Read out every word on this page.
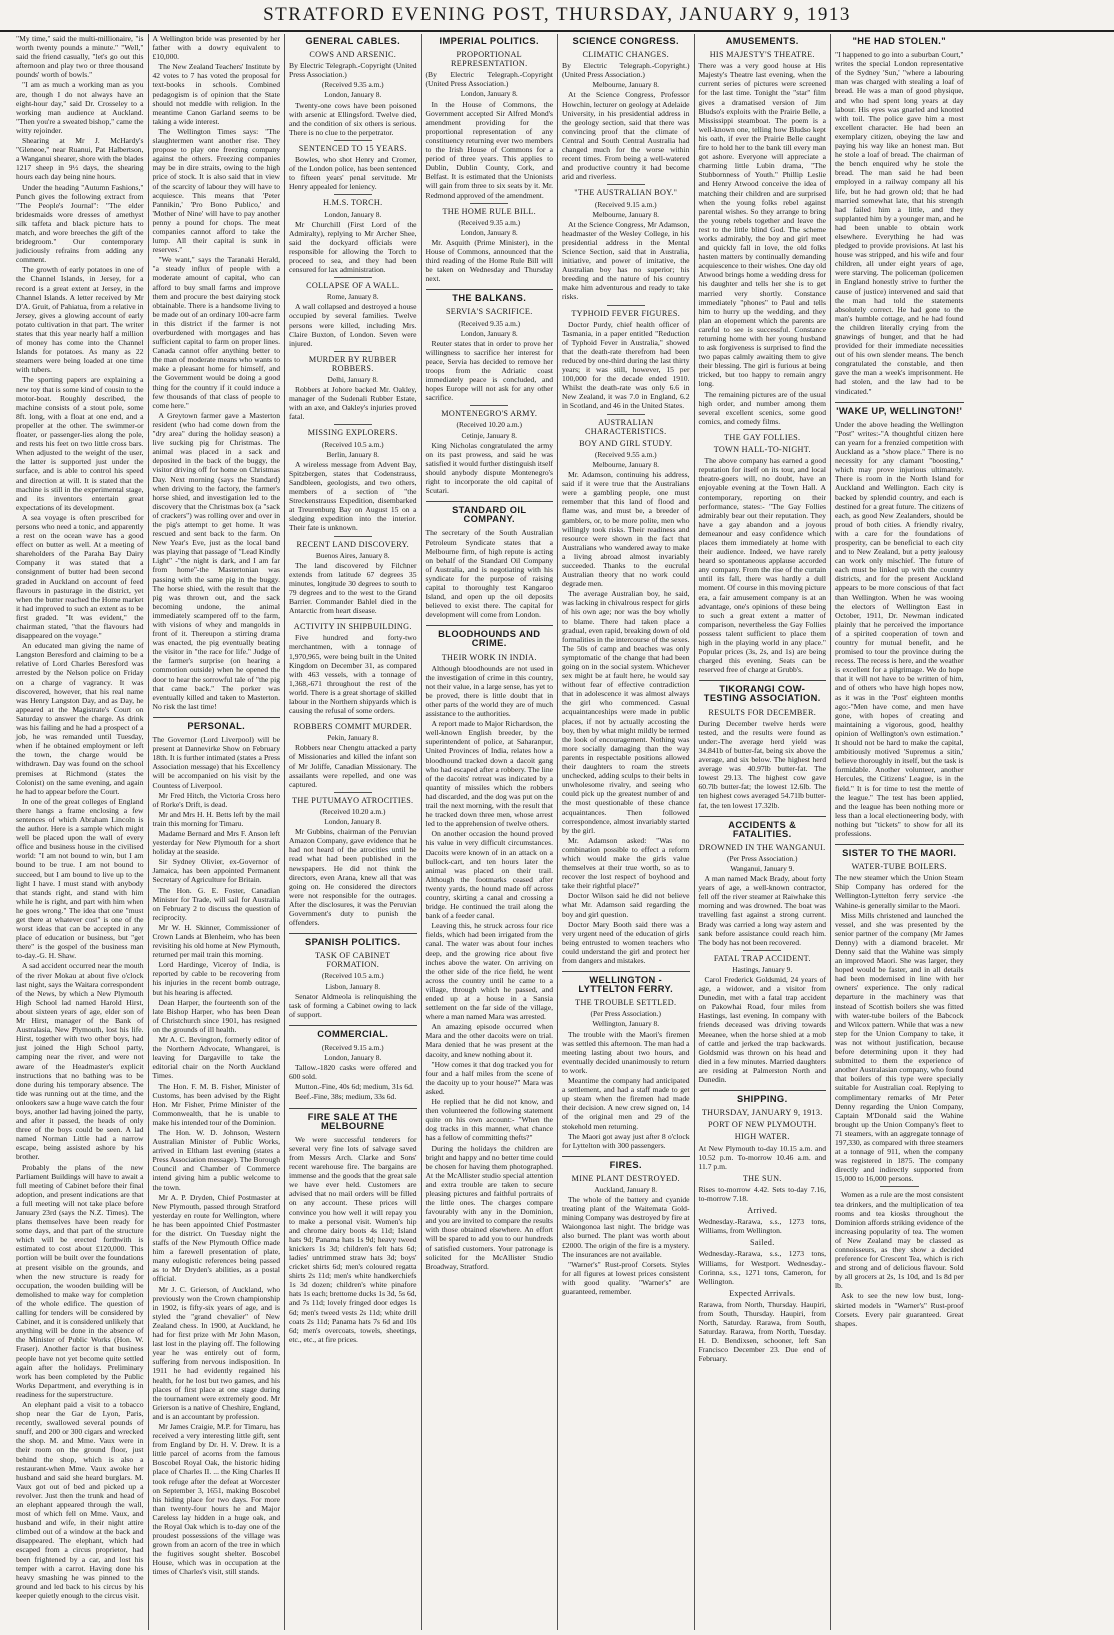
STRATFORD EVENING POST, THURSDAY, JANUARY 9, 1913

"My time," said the multi-millionaire, "is worth twenty pounds a minute." "Well," said the friend casually, "let's go out this afternoon and play two or three thousand pounds' worth of bowls."

"I am as much a working man as you are, though I do not always have an eight-hour day," said Dr. Crosseley to a working man audience at Auckland. "Then you're a sweated bishop," came the witty rejoinder.

Shearing at Mr J. McHardy's "Gleneoe," near Ruanui, Pat Halbertson, a Wanganui shearer, shore with the blades 1217 sheep in 9½ days, the shearing hours each day being nine hours.

Under the heading "Autumn Fashions," Punch gives the following extract from "The People's Journal": "The elder bridesmaids wore dresses of amethyst silk taffeta and black picture hats to match, and wore breeches the gift of the bridegroom." Our contemporary judiciously refrains from adding any comment.

The growth of early potatoes in one of the Channel Islands, in Jersey, for a record is a great extent at Jersey, in the Channel Islands. A letter received by Mr D'A. Gruit, of Pahiatua, from a relative in Jersey, gives a glowing account of early potato cultivation in that part. The writer states that this year nearly half a million of money has come into the Channel Islands for potatoes. As many as 22 steamers were being loaded at one time with tubers.

The sporting papers are explaining a new toy that is some kind of cousin to the motor-boat. Roughly described, the machine consists of a stout pole, some 8ft. long, with a float at one end, and a propeller at the other. The swimmer-or floater, or passenger-lies along the pole, and rests his feet on two little cross bars. When adjusted to the weight of the user, the latter is supported just under the surface, and is able to control his speed and direction at will. It is stated that the machine is still in the experimental stage, and its inventors entertain great expectations of its development.

A sea voyage is often prescribed for persons who need a tonic, and apparently a rest on the ocean wave has a good effect on butter as well. At a meeting of shareholders of the Paraha Bay Dairy Company it was stated that a consignment of butter had been second graded in Auckland on account of feed flavours in pasturage in the district, yet when the butter reached the Home market it had improved to such an extent as to be first graded. "It was evident," the chairman stated, "that the flavours had disappeared on the voyage."

An educated man giving the name of Langston Beresford and claiming to be a relative of Lord Charles Beresford was arrested by the Nelson police on Friday on a charge of vagrancy. It was discovered, however, that his real name was Henry Langston Day, and as Day, he appeared at the Magistrate's Court on Saturday to answer the charge. As drink was his failing and he had a prospect of a job, he was remanded until Tuesday, when if he obtained employment or left the town, the charge would be withdrawn. Day was found on the school premises at Richmond (states the Colonist) on the same evening, and again he had to appear before the Court.

In one of the great colleges of England there hangs a frame enclosing a few sentences of which Abraham Lincoln is the author. Here is a sample which might well be placed upon the wall of every office and business house in the civilised world: "I am not bound to win, but I am bound to be true. I am not bound to succeed, but I am bound to live up to the light I have. I must stand with anybody that stands right, and stand with him while he is right, and part with him when he goes wrong." The idea that one "must get there at whatever cost" is one of the worst ideas that can be accepted in any place of education or business, but "get there" is the gospel of the business man to-day.-G. H. Shaw.

A sad accident occurred near the mouth of the river Mokau at about five o'clock last night, says the Waitara correspondent of the News, by which a New Plymouth High School lad named Harold Hirst, about sixteen years of age, elder son of Mr Hirst, manager of the Bank of Australasia, New Plymouth, lost his life. Hirst, together with two other boys, had just joined the High School party, camping near the river, and were not aware of the Headmaster's explicit instructions that no bathing was to be done during his temporary absence. The tide was running out at the time, and the onlookers saw a huge wave catch the four boys, another lad having joined the party, and after it passed, the heads of only three of the boys could be seen. A lad named Norman Little had a narrow escape, being assisted ashore by his brother.

Probably the plans of the new Parliament Buildings will have to await a full meeting of Cabinet before their final adoption, and present indications are that a full meeting will not take place before January 23rd (says the N.Z. Times). The plans themselves have been ready for some days, and that part of the structure which will be erected forthwith is estimated to cost about £120,000. This portion will be built over the foundations at present visible on the grounds, and when the new structure is ready for occupation, the wooden building will be demolished to make way for completion of the whole edifice. The question of calling for tenders will be considered by Cabinet, and it is considered unlikely that anything will be done in the absence of the Minister of Public Works (Hon. W. Fraser). Another factor is that business people have not yet become quite settled again after the holidays. Preliminary work has been completed by the Public Works Department, and everything is in readiness for the superstructure.

An elephant paid a visit to a tobacco shop near the Gar de Lyon, Paris, recently, swallowed several pounds of snuff, and 200 or 300 cigars and wrecked the shop. M. and Mme. Vaux were in their room on the ground floor, just behind the shop, which is also a restaurant-when Mme. Vaux awoke her husband and said she heard burglars. M. Vaux got out of bed and picked up a revolver. Just then the trunk and head of an elephant appeared through the wall, most of which fell on Mme. Vaux, and husband and wife, in their night attire climbed out of a window at the back and disappeared. The elephant, which had escaped from a circus proprietor, had been frightened by a car, and lost his temper with a carrot. Having done his heavy smashing he was pinned to the ground and led back to his circus by his keeper quietly enough to the circus visit.

A Wellington bride was presented by her father with a dowry equivalent to £10,000.

The New Zealand Teachers' Institute by 42 votes to 7 has voted the proposal for text-books in schools. Combined pedagogism is of opinion that the State should not meddle with religion. In the meantime Canon Garland seems to be taking a wide interest.

The Wellington Times says: "The slaughtermen want another rise. They propose to play one freezing company against the others. Freezing companies may be in dire straits, owing to the high price of stock. It is also said that in view of the scarcity of labour they will have to acquiesce. This means that 'Peter Pannikin,' 'Pro Bono Publico,' and 'Mother of Nine' will have to pay another penny a pound for chops. The meat companies cannot afford to take the lump. All their capital is sunk in reserves."

"We want," says the Taranaki Herald, "a steady influx of people with a moderate amount of capital, who can afford to buy small farms and improve them and procure the best dairying stock obtainable. There is a handsome living to be made out of an ordinary 100-acre farm in this district if the farmer is not overburdened with mortgages and has sufficient capital to farm on proper lines. Canada cannot offer anything better to the man of moderate means who wants to make a pleasant home for himself, and the Government would be doing a good thing for the country if it could induce a few thousands of that class of people to come here."

A Greytown farmer gave a Masterton resident (who had come down from the "dry area" during the holiday season) a live sucking pig for Christmas. The animal was placed in a sack and deposited in the back of the buggy, the visitor driving off for home on Christmas Day. Next morning (says the Standard) when driving to the factory, the farmer's horse shied, and investigation led to the discovery that the Christmas box (a "sack of crackers") was rolling over and over in the pig's attempt to get home. It was rescued and sent back to the farm. On New Year's Eve, just as the local band was playing that passage of "Lead Kindly Light" -"the night is dark, and I am far from home"-the Mastertonian was passing with the same pig in the buggy. The horse shied, with the result that the pig was thrown out, and the sack becoming undone, the animal immediately scampered off to the farm, with visions of whey and mangolds in front of it. Thereupon a stirring drama was enacted, the pig eventually beating the visitor in "the race for life." Judge of the farmer's surprise (on hearing a commotion outside) when he opened the door to hear the sorrowful tale of "the pig that came back." The porker was eventually killed and taken to Masterton. No risk the last time!

PERSONAL.

The Governor (Lord Liverpool) will be present at Dannevirke Show on February 18th. It is further intimated (states a Press Association message) that his Excellency will be accompanied on his visit by the Countess of Liverpool.

Mr Fred Hitch, the Victoria Cross hero of Rorke's Drift, is dead.

Mr and Mrs H. H. Betts left by the mail train this morning for Timaru.

Madame Bernard and Mrs F. Anson left yesterday for New Plymouth for a short holiday at the seaside.

Sir Sydney Olivier, ex-Governor of Jamaica, has been appointed Permanent Secretary of Agriculture for Britain.

The Hon. G. E. Foster, Canadian Minister for Trade, will sail for Australia on February 2 to discuss the question of reciprocity.

Mr W. H. Skinner, Commissioner of Crown Lands at Blenheim, who has been revisiting his old home at New Plymouth, returned per mail train this morning.

Lord Hardinge, Viceroy of India, is reported by cable to be recovering from his injuries in the recent bomb outrage, but his hearing is affected.

Dean Harper, the fourteenth son of the late Bishop Harper, who has been Dean of Christchurch since 1901, has resigned on the grounds of ill health.

Mr A. C. Bevington, formerly editor of the Northern Advocate, Whangarei, is leaving for Dargaville to take the editorial chair on the North Auckland Times.

The Hon. F. M. B. Fisher, Minister of Customs, has been advised by the Right Hon. Mr Fisher, Prime Minister of the Commonwealth, that he is unable to make his intended tour of the Dominion.

The Hon. W. D. Johnson, Western Australian Minister of Public Works, arrived in Eltham last evening (states a Press Association message). The Borough Council and Chamber of Commerce intend giving him a public welcome to the town.

Mr A. P. Dryden, Chief Postmaster at New Plymouth, passed through Stratford yesterday en route for Wellington, where he has been appointed Chief Postmaster for the district. On Tuesday night the staffs of the New Plymouth Office made him a farewell presentation of plate, many eulogistic references being passed as to Mr Dryden's abilities, as a postal official.

Mr J. C. Grierson, of Auckland, who previously won the Crown championship in 1902, is fifty-six years of age, and is styled the "grand chevalier" of New Zealand chess. In 1900, at Auckland, he had for first prize with Mr John Mason, last lost in the playing off. The following year he was entirely out of form, suffering from nervous indisposition. In 1911 he had evidently regained his health, for he lost but two games, and his places of first place at one stage during the tournament were extremely good. Mr Grierson is a native of Cheshire, England, and is an accountant by profession.

Mr James Craigie, M.P. for Timaru, has received a very interesting little gift, sent from England by Dr. H. V. Drew. It is a little parcel of acorns from the famous Boscobel Royal Oak, the historic hiding place of Charles II. ... the King Charles II took refuge after the defeat at Worcester on September 3, 1651, making Boscobel his hiding place for two days. For more than twenty-four hours he and Major Careless lay hidden in a huge oak, and the Royal Oak which is to-day one of the proudest possessions of the village was grown from an acorn of the tree in which the fugitives sought shelter. Boscobel House, which was in occupation at the times of Charles's visit, still stands.

GENERAL CABLES.
COWS AND ARSENIC.

By Electric Telegraph.-Copyright (United Press Association.)

(Received 9.35 a.m.)
London, January 8.

Twenty-one cows have been poisoned with arsenic at Ellingsford. Twelve died, and the condition of six others is serious. There is no clue to the perpetrator.

SENTENCED TO 15 YEARS.

Bowles, who shot Henry and Cromer, of the London police, has been sentenced to fifteen years' penal servitude. Mr Henry appealed for leniency.

H.M.S. TORCH.
London, January 8.

Mr Churchill (First Lord of the Admiralty), replying to Mr Archer Shee, said the dockyard officials were responsible for allowing the Torch to proceed to sea, and they had been censured for lax administration.

COLLAPSE OF A WALL.
Rome, January 8.

A wall collapsed and destroyed a house occupied by several families. Twelve persons were killed, including Mrs. Claire Buxton, of London. Seven were injured.

MURDER BY RUBBER ROBBERS.
Delhi, January 8.

Robbers at Johore backed Mr. Oakley, manager of the Sudenali Rubber Estate, with an axe, and Oakley's injuries proved fatal.

MISSING EXPLORERS.
(Received 10.5 a.m.)
Berlin, January 8.

A wireless message from Advent Bay, Spitzbergen, states that Codenstrauss, Sandbleen, geologists, and two others, members of a section of "the Streckenstrauss Expedition, disembarked at Treurenburg Bay on August 15 on a sledging expedition into the interior. Their fate is unknown.

RECENT LAND DISCOVERY.
Buenos Aires, January 8.

The land discovered by Filchner extends from latitude 67 degrees 35 minutes, longitude 30 degrees to south to 79 degrees and to the west to the Grand Barrier. Commander Bahlel died in the Antarctic from heart disease.

ACTIVITY IN SHIPBUILDING.

Five hundred and forty-two merchantmen, with a tonnage of 1,970,965, were being built in the United Kingdom on December 31, as compared with 463 vessels, with a tonnage of 1,368,-671 throughout the rest of the world. There is a great shortage of skilled labour in the Northern shipyards which is causing the refusal of some orders.

ROBBERS COMMIT MURDER.
Pekin, January 8.

Robbers near Chengtu attacked a party of Missionaries and killed the infant son of Mr Joliffe, Canadian Missionary. The assailants were repelled, and one was captured.

THE PUTUMAYO ATROCITIES.
(Received 10.20 a.m.)
London, January 8.

Mr Gubbins, chairman of the Peruvian Amazon Company, gave evidence that he had not heard of the atrocities until he read what had been published in the newspapers. He did not think the directors, even Arana, knew all that was going on. He considered the directors were not responsible for the outrages. After the disclosures, it was the Peruvian Government's duty to punish the offenders.

SPANISH POLITICS.
TASK OF CABINET FORMATION.
(Received 10.5 a.m.)
Lisbon, January 8.

Senator Aldmeola is relinquishing the task of forming a Cabinet owing to lack of support.

COMMERCIAL.
(Received 9.15 a.m.)
London, January 8.

Tallow.-1820 casks were offered and 600 sold.

Mutton.-Fine, 40s 6d; medium, 31s 6d.

Beef.-Fine, 38s; medium, 33s 6d.

FIRE SALE AT THE MELBOURNE

We were successful tenderers for several very fine lots of salvage saved from Messrs Arch. Clarke and Sons' recent warehouse fire. The bargains are immense and the goods that the great sale we have ever held. Customers are advised that no mail orders will be filled on any account. These prices will convince you how well it will repay you to make a personal visit. Women's hip and chrome dairy boots 4s 11d; Island hats 9d; Panama hats 1s 9d; heavy tweed knickers 1s 3d; children's felt hats 6d; ladies' untrimmed straw hats 3d; boys' cricket shirts 6d; men's coloured regatta shirts 2s 11d; men's white handkerchiefs 1s 3d dozen; children's white pinafore hats 1s each; brettome ducks 1s 3d, 5s 6d, and 7s 11d; lovely fringed door edges 1s 6d; men's tweed vests 2s 11d; white drill coats 2s 11d; Panama hats 7s 6d and 10s 6d; men's overcoats, towels, sheetings, etc., etc., at fire prices.

IMPERIAL POLITICS.
PROPORTIONAL REPRESENTATION.

(By Electric Telegraph.-Copyright (United Press Association.)

London, January 8.

In the House of Commons, the Government accepted Sir Alfred Mond's amendment providing for the proportional representation of any constituency returning ever two members to the Irish House of Commons for a period of three years. This applies to Dublin, Dublin County, Cork, and Belfast. It is estimated that the Unionists will gain from three to six seats by it. Mr. Redmond approved of the amendment.

THE HOME RULE BILL.
(Received 9.35 a.m.)
London, January 8.

Mr. Asquith (Prime Minister), in the House of Commons, announced that the third reading of the Home Rule Bill will be taken on Wednesday and Thursday next.

THE BALKANS.
SERVIA'S SACRIFICE.
(Received 9.35 a.m.)
London, January 8.

Reuter states that in order to prove her willingness to sacrifice her interest for peace, Servia has decided to remove her troops from the Adriatic coast immediately peace is concluded, and hopes Europe will not ask for any other sacrifice.

MONTENEGRO'S ARMY.
(Received 10.20 a.m.)
Cetinje, January 8.

King Nicholas congratulated the army on its past prowess, and said he was satisfied it would further distinguish itself should anybody dispute Montenegro's right to incorporate the old capital of Scutari.

STANDARD OIL COMPANY.

The secretary of the South Australian Petroleum Syndicate states that a Melbourne firm, of high repute is acting on behalf of the Standard Oil Company of Australia, and is negotiating with his syndicate for the purpose of raising capital to thoroughly test Kangaroo Island, and open up the oil deposits believed to exist there. The capital for development will come from London.

BLOODHOUNDS AND CRIME.
THEIR WORK IN INDIA.

Although bloodhounds are not used in the investigation of crime in this country, not their value, in a large sense, has yet to be proved, there is little doubt that in other parts of the world they are of much assistance to the authorities.

A report made to Major Richardson, the well-known English breeder, by the superintendent of police, at Saharanpur, United Provinces of India, relates how a bloodhound tracked down a dacoit gang who had escaped after a robbery. The line of the dacoits' retreat was indicated by a quantity of missiles which the robbers had discarded, and the dog was put on the trail the next morning, with the result that he tracked down three men, whose arrest led to the apprehension of twelve others.

On another occasion the hound proved his value in very difficult circumstances. Dacoits were known of in an attack on a bullock-cart, and ten hours later the animal was placed on their trail. Although the footmarks ceased after twenty yards, the hound made off across country, skirting a canal and crossing a bridge. He continued the trail along the bank of a feeder canal.

Leaving this, he struck across four rice fields, which had been irrigated from the canal. The water was about four inches deep, and the growing rice about five inches above the water. On arriving on the other side of the rice field, he went across the country until he came to a village, through which he passed, and ended up at a house in a Sansia settlement on the far side of the village, where a man named Mara was arrested.

An amazing episode occurred when Mara and the other dacoits were on trial. Mara denied that he was present at the dacoity, and knew nothing about it.

"How comes it that dog tracked you for four and a half miles from the scene of the dacoity up to your house?" Mara was asked.

He replied that he did not know, and then volunteered the following statement quite on his own account:- "When the dog tracks in this manner, what chance has a fellow of committing thefts?"

During the holidays the children are bright and happy and no better time could be chosen for having them photographed. At the McAllister studio special attention and extra trouble are taken to secure pleasing pictures and faithful portraits of the little ones. The charges compare favourably with any in the Dominion, and you are invited to compare the results with those obtained elsewhere. An effort will be spared to add you to our hundreds of satisfied customers. Your patronage is solicited for the McAllister Studio Broadway, Stratford.

SCIENCE CONGRESS.
CLIMATIC CHANGES.

By Electric Telegraph.-Copyright.) (United Press Association.)

Melbourne, January 8.

At the Science Congress, Professor Howchin, lecturer on geology at Adelaide University, in his presidential address in the geology section, said that there was convincing proof that the climate of Central and South Central Australia had changed much for the worse within recent times. From being a well-watered and productive country it had become arid and riverless.

"THE AUSTRALIAN BOY."
(Received 9.15 a.m.)
Melbourne, January 8.

At the Science Congress, Mr Adamson, headmaster of the Wesley College, in his presidential address in the Mental Science Section, said that in Australia, initiative, and power of imitative, the Australian boy has no superior; his breeding and the nature of his country make him adventurous and ready to take risks.

TYPHOID FEVER FIGURES.

Doctor Purdy, chief health officer of Tasmania, in a paper entitled "Reduction of Typhoid Fever in Australia," showed that the death-rate therefrom had been reduced by one-third during the last thirty years; it was still, however, 15 per 100,000 for the decade ended 1910. Whilst the death-rate was only 6.6 in New Zealand, it was 7.0 in England, 6.2 in Scotland, and 46 in the United States.

AUSTRALIAN CHARACTERISTICS.
BOY AND GIRL STUDY.
(Received 9.55 a.m.)
Melbourne, January 8.

Mr. Adamson, continuing his address, said if it were true that the Australians were a gambling people, one must remember that this land of flood and flame was, and must be, a breeder of gamblers, or, to be more polite, men who willingly took risks. Their readiness and resource were shown in the fact that Australians who wandered away to make a living abroad almost invariably succeeded. Thanks to the eucrulal Australian theory that no work could degrade men.

The average Australian boy, he said, was lacking in chivalrous respect for girls of his own age; nor was the boy wholly to blame. There had taken place a gradual, even rapid, breaking down of old formalities in the intercourse of the sexes. The 50s of camp and beaches was only symptomatic of the change that had been going on in the social system. Whichever sex might be at fault here, he would say without fear of effective contradiction that in adolescence it was almost always the girl who commenced. Casual acquaintanceships were made in public places, if not by actually accosting the boy, then by what might mildly be termed the look of encouragement. Nothing was more socially damaging than the way parents in respectable positions allowed their daughters to roam the streets unchecked, adding sculps to their belts in unwholesome rivalry, and seeing who could pick up the greatest number of and the most questionable of these chance acquaintances. Then followed correspondence, almost invariably started by the girl.

Mr. Adamson asked: "Was no combination possible to effect a reform which would make the girls value themselves at their true worth, so as to recover the lost respect of boyhood and take their rightful place?"

Doctor Wilson said he did not believe what Mr. Adamson said regarding the boy and girl question.

Doctor Mary Booth said there was a very urgent need of the education of girls being entrusted to women teachers who could understand the girl and protect her from dangers and mistakes.

WELLINGTON - LYTTELTON FERRY.
THE TROUBLE SETTLED.
(Per Press Association.)
Wellington, January 8.

The trouble with the Maori's firemen was settled this afternoon. The man had a meeting lasting about two hours, and eventually decided unanimously to return to work.

Meantime the company had anticipated a settlement, and had a staff made to get up steam when the firemen had made their decision. A new crew signed on, 14 of the original men and 29 of the stokehold men returning.

The Maori got away just after 8 o'clock for Lyttelton with 300 passengers.

FIRES.
MINE PLANT DESTROYED.
Auckland, January 8.

The whole of the battery and cyanide treating plant of the Waitemata Gold-mining Company was destroyed by fire at Waiongonoa last night. The bridge was also burned. The plant was worth about £2000. The origin of the fire is a mystery. The insurances are not available.

"Warner's" Rust-proof Corsets. Styles for all figures at lowest prices consistent with good quality. "Warner's" are guaranteed, remember.

AMUSEMENTS.
HIS MAJESTY'S THEATRE.

There was a very good house at His Majesty's Theatre last evening, when the current series of pictures were screened for the last time. Tonight the "star" film gives a dramatised version of Jim Bludso's exploits with the Prairie Belle, a Mississippi steamboat. The poem is a well-known one, telling how Bludso kept his oath, if ever the Prairie Belle caught fire to hold her to the bank till every man got ashore. Everyone will appreciate a charming little Lubin drama, "The Stubbornness of Youth." Phillip Leslie and Henry Atwood conceive the idea of matching their children and are surprised when the young folks rebel against parental wishes. So they arrange to bring the young rebels together and leave the rest to the little blind God. The scheme works admirably, the boy and girl meet and quickly fall in love, the old folks hasten matters by continually demanding acquiescence to their wishes. One day old Atwood brings home a wedding dress for his daughter and tells her she is to get married very shortly. Constance immediately "phones" to Paul and tells him to hurry up the wedding, and they plan an elopement which the parents are careful to see is successful. Constance returning home with her young husband to ask forgiveness is surprised to find the two papas calmly awaiting them to give their blessing. The girl is furious at being tricked, but too happy to remain angry long.

The remaining pictures are of the usual high order, and number among them several excellent scenics, some good comics, and comedy films.

THE GAY FOLLIES.
TOWN HALL-TO-NIGHT.

The above company has earned a good reputation for itself on its tour, and local theatre-goers will, no doubt, have an enjoyable evening at the Town Hall. A contemporary, reporting on their performance, states:- "The Gay Follies admirably bear out their reputation. They have a gay abandon and a joyous demeanour and easy confidence which places them immediately at home with their audience. Indeed, we have rarely heard so spontaneous applause accorded any company. From the rise of the curtain until its fall, there was hardly a dull moment. Of course in this moving picture era, a fair amusement company is at an advantage, one's opinions of these being to such a great extent a matter of comparison, nevertheless the Gay Follies possess talent sufficient to place them high in the playing world in any place." Popular prices (3s, 2s, and 1s) are being charged this evening. Seats can be reserved free of charge at Grubb's.

TIKORANGI COW-TESTING ASSOCIATION.
RESULTS FOR DECEMBER.

During December twelve herds were tested, and the results were found as under:-The average herd yield was 34.841b of butter-fat, being six above the average, and six below. The highest herd average was 40.97lb butter-fat. The lowest 29.13. The highest cow gave 60.7lb butter-fat; the lowest 12.6lb. The ten highest cows averaged 54.71lb butter-fat, the ten lowest 17.32lb.

ACCIDENTS & FATALITIES.
DROWNED IN THE WANGANUI.
(Per Press Association.)
Wanganui, January 9.

A man named Mack Brady, about forty years of age, a well-known contractor, fell off the river steamer at Raiwhake this morning and was drowned. The boat was travelling fast against a strong current. Brady was carried a long way astern and sank before assistance could reach him. The body has not been recovered.

FATAL TRAP ACCIDENT.
Hastings, January 9.

Carol Frederick Goldsmid, 24 years of age, a widower, and a visitor from Dunedin, met with a fatal trap accident on Pakowhai Road, four miles from Hastings, last evening. In company with friends deceased was driving towards Meeanee, when the horse shied at a mob of cattle and jerked the trap backwards. Goldsmid was thrown on his head and died in a few minutes. Married daughters are residing at Palmerston North and Dunedin.

SHIPPING.
THURSDAY, JANUARY 9, 1913.
PORT OF NEW PLYMOUTH.
HIGH WATER.

At New Plymouth to-day 10.15 a.m. and 10.52 p.m. To-morrow 10.46 a.m. and 11.7 p.m.

THE SUN.

Rises to-morrow 4.42. Sets to-day 7.16, to-morrow 7.18.

Arrived.

Wednesday.-Rarawa, s.s., 1273 tons, Williams, from Wellington.

Sailed.

Wednesday.-Rarawa, s.s., 1273 tons, Williams, for Westport. Wednesday.-Corinna, s.s., 1271 tons, Cameron, for Wellington.

Expected Arrivals.

Rarawa, from North, Thursday. Haupiri, from South, Thursday. Haupiri, from North, Saturday. Rarawa, from South, Saturday. Rarawa, from North, Tuesday. H. D. Bendixsen, schooner, left San Francisco December 23. Due end of February.

"HE HAD STOLEN."

"I happened to go into a suburban Court," writes the special London representative of the Sydney 'Sun,' "where a labouring man was charged with stealing a loaf of bread. He was a man of good physique, and who had spent long years at day labour. His eyes was gnarled and knotted with toil. The police gave him a most excellent character. He had been an exemplary citizen, obeying the law and paying his way like an honest man. But he stole a loaf of bread. The chairman of the bench enquired why he stole the bread. The man said he had been employed in a railway company all his life, but he had grown old; that he had married somewhat late, that his strength had failed him a little, and they supplanted him by a younger man, and he had been unable to obtain work elsewhere. Everything he had was pledged to provide provisions. At last his house was stripped, and his wife and four children, all under eight years of age, were starving. The policeman (policemen in England honestly strive to further the cause of justice) intervened and said that the man had told the statements absolutely correct. He had gone to the man's humble cottage, and he had found the children literally crying from the gnawings of hunger, and that he had provided for their immediate necessities out of his own slender means. The bench congratulated the constable, and then gave the man a week's imprisonment. He had stolen, and the law had to be vindicated."

'WAKE UP, WELLINGTON!'

Under the above heading the Wellington "Post" writes:-"A thoughtful citizen here can yearn for a frenzied competition with Auckland as a "show place." There is no necessity for any clamant "boosting," which may prove injurious ultimately. There is room in the North Island for Auckland and Wellington. Each city is backed by splendid country, and each is destined for a great future. The citizens of each, as good New Zealanders, should be proud of both cities. A friendly rivalry, with a care for the foundations of prosperity, can be beneficial to each city and to New Zealand, but a petty jealousy can work only mischief. The future of each must be linked up with the country districts, and for the present Auckland appears to be more conscious of that fact than Wellington. When he was wooing the electors of Wellington East in October, 1911, Dr. Newman indicated plainly that he perceived the importance of a spirited cooperation of town and country for mutual benefit, and he promised to tour the province during the recess. The recess is here, and the weather is excellent for a pilgrimage. We do hope that it will not have to be written of him, and of others who have high hopes now, as it was in the 'Post' eighteen months ago:-"Men have come, and men have gone, with hopes of creating and maintaining a vigorous, good, healthy opinion of Wellington's own estimation." It should not be hard to make the capital, ambitiously motived 'Supremus a sitin,' believe thoroughly in itself, but the task is formidable. Another volunteer, another Hercules, the Citizens' League, is in the field." It is for time to test the mettle of the league." The test has been applied, and the league has been nothing more or less than a local electioneering body, with nothing but "tickets" to show for all its professions.

SISTER TO THE MAORI.
WATER-TUBE BOILERS.

The new steamer which the Union Steam Ship Company has ordered for the Wellington-Lyttelton ferry service -the Wahine-is generally similar to the Maori.

Miss Mills christened and launched the vessel, and she was presented by the senior partner of the company (Mr James Denny) with a diamond bracelet. Mr Denny said that the Wahine was simply an improved Maori. She was larger, they hoped would be faster, and in all details had been modernised in line with her owners' experience. The only radical departure in the machinery was that instead of Scottish boilers she was fitted with water-tube boilers of the Babcock and Wilcox pattern. While that was a new step for the Union Company to take, it was not without justification, because before determining upon it they had submitted to them the experience of another Australasian company, who found that boilers of this type were specially suitable for Australian coal. Replying to complimentary remarks of Mr Peter Denny regarding the Union Company, Captain M'Donald said the Wahine brought up the Union Company's fleet to 71 steamers, with an aggregate tonnage of 197,330, as compared with three steamers at a tonnage of 911, when the company was registered in 1875. The company directly and indirectly supported from 15,000 to 16,000 persons.

Women as a rule are the most consistent tea drinkers, and the multiplication of tea rooms and tea kiosks throughout the Dominion affords striking evidence of the increasing popularity of tea. The women of New Zealand may be classed as connoisseurs, as they show a decided preference for Crescent Tea, which is rich and strong and of delicious flavour. Sold by all grocers at 2s, 1s 10d, and 1s 8d per lb.

Ask to see the new low bust, long-skirted models in "Warner's" Rust-proof Corsets. Every pair guaranteed. Great shapes.
